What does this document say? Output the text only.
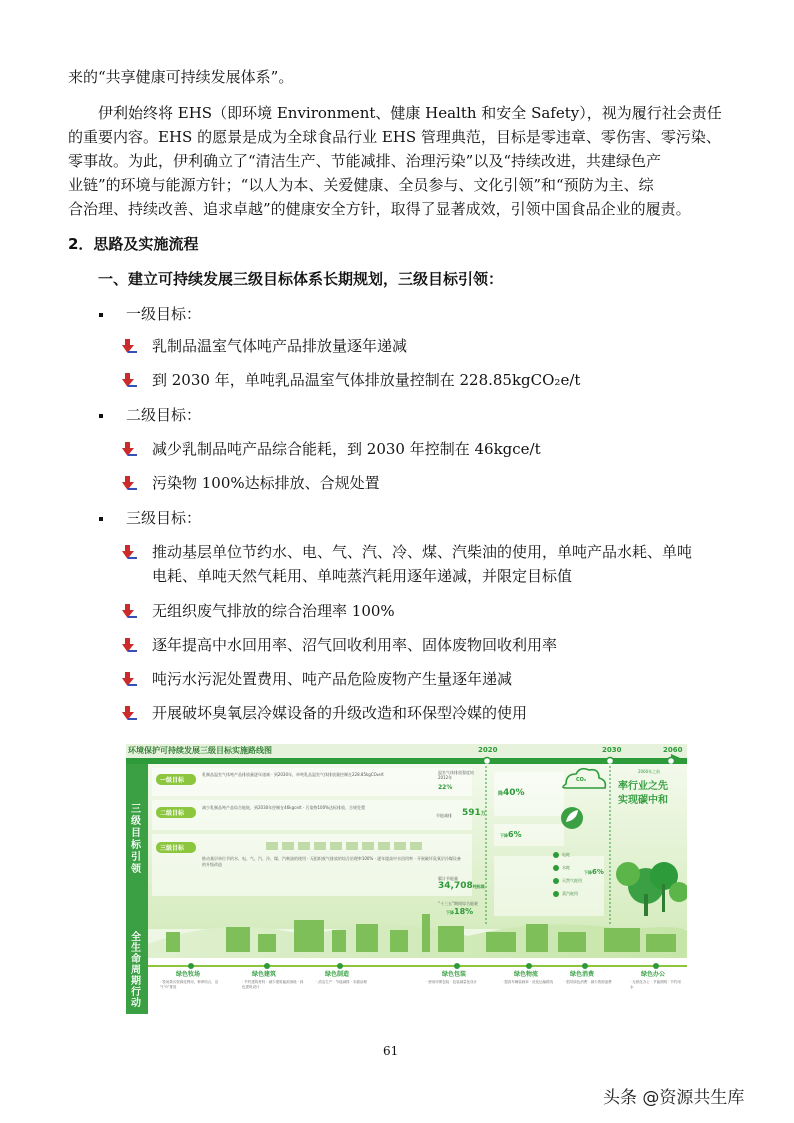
来的“共享健康可持续发展体系”。
伊利始终将 EHS（即环境 Environment、健康 Health 和安全 Safety），视为履行社会责任
的重要内容。EHS 的愿景是成为全球食品行业 EHS 管理典范，目标是零违章、零伤害、零污染、
零事故。为此，伊利确立了“清洁生产、节能减排、治理污染”以及“持续改进，共建绿色产
业链”的环境与能源方针；“以人为本、关爱健康、全员参与、文化引领”和“预防为主、综
合治理、持续改善、追求卓越”的健康安全方针，取得了显著成效，引领中国食品企业的履责。
2．思路及实施流程
一、建立可持续发展三级目标体系长期规划，三级目标引领：
一级目标：
乳制品温室气体吨产品排放量逐年递减
到 2030 年，单吨乳品温室气体排放量控制在 228.85kgCO₂e/t
二级目标：
减少乳制品吨产品综合能耗，到 2030 年控制在 46kgce/t
污染物 100%达标排放、合规处置
三级目标：
推动基层单位节约水、电、气、汽、冷、煤、汽柴油的使用，单吨产品水耗、单吨
电耗、单吨天然气耗用、单吨蒸汽耗用逐年递减，并限定目标值
无组织废气排放的综合治理率 100%
逐年提高中水回用率、沼气回收利用率、固体废物回收利用率
吨污水污泥处置费用、吨产品危险废物产生量逐年递减
开展破坏臭氧层冷媒设备的升级改造和环保型冷媒的使用
环境保护可持续发展三级目标实施路线图	2020	2030	2060
三级目标引领
全生命周期行动
一级目标
二级目标
三级目标
乳制品温室气体吨产品排放量逐年递减 · 到2030年，单吨乳品温室气体排放量控制在228.85kgCO₂e/t
减少乳制品吨产品综合能耗，到2030年控制在46kgce/t · 污染物100%达标排放，合规处置
推动基层单位节约水、电、气、汽、冷、煤、汽柴油的使用 · 无组织废气排放的综合治理率100% · 逐年提高中水回用率 · 开展破坏臭氧层冷媒设备的升级改造
温室气体排放强度较2012年
22%
节能减排 591万
累计节能量
34,708吨标煤
“十三五”期间综合能耗
下降18%
降40%
下降6%
下降6%
CO₂
电耗
水耗
天然气耗用
蒸汽耗用
2060年之前
率行业之先
实现碳中和
绿色牧场	绿色建筑	绿色制造	绿色包装	绿色物流	绿色消费	绿色办公
· 牧场粪污资源化利用，种养结合，沼气“0”排放
· 节约建筑材料 · 减少建筑能源消耗 · 绿色建筑设计
· 清洁生产 · 节能减排 · 末端治理	· 使用环保包装 · 包装减量化设计	· 提高车辆装载率 · 优化运输路线	· 倡导绿色消费 · 减少资源浪费	· 无纸化办公 · 节能照明 · 节约用水
61
头条 @资源共生库
